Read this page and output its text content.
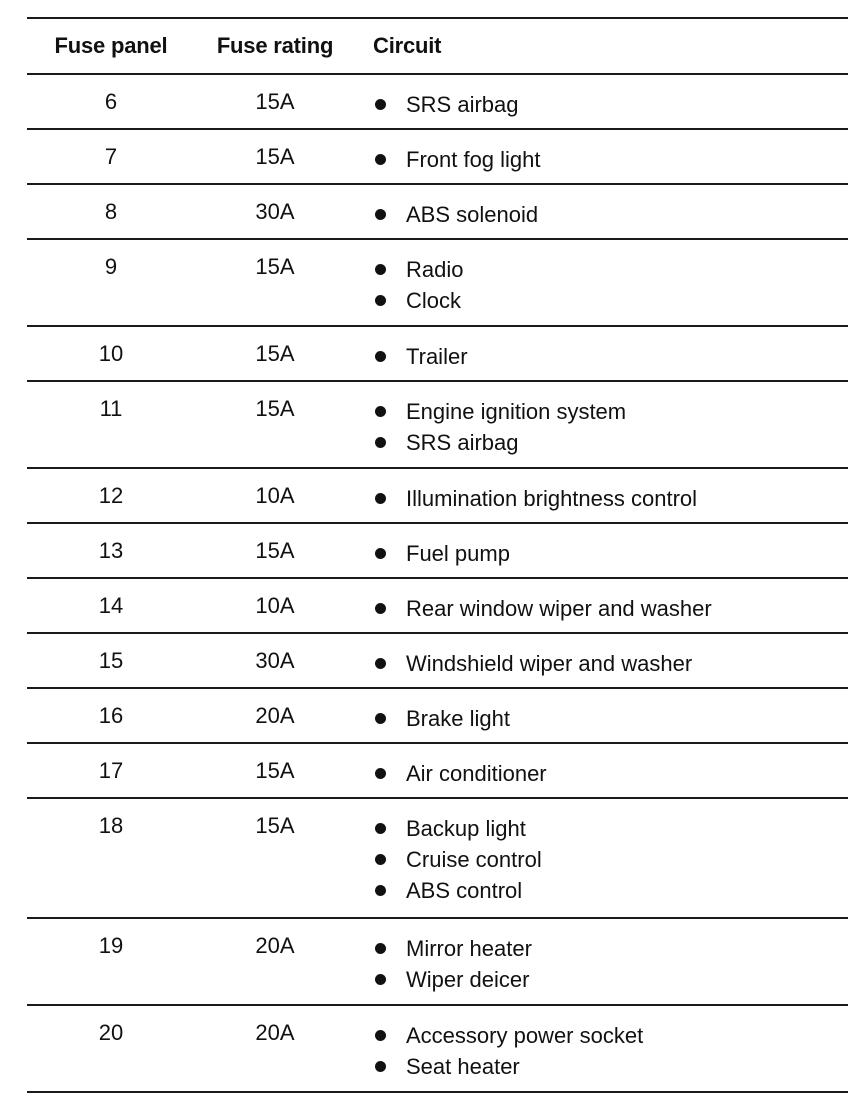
Fuse panel	Fuse rating	Circuit
6	15A	SRS airbag
7	15A	Front fog light
8	30A	ABS solenoid
9	15A	Radio
Clock
10	15A	Trailer
11	15A	Engine ignition system
SRS airbag
12	10A	Illumination brightness control
13	15A	Fuel pump
14	10A	Rear window wiper and washer
15	30A	Windshield wiper and washer
16	20A	Brake light
17	15A	Air conditioner
18	15A	Backup light
Cruise control
ABS control
19	20A	Mirror heater
Wiper deicer
20	20A	Accessory power socket
Seat heater
